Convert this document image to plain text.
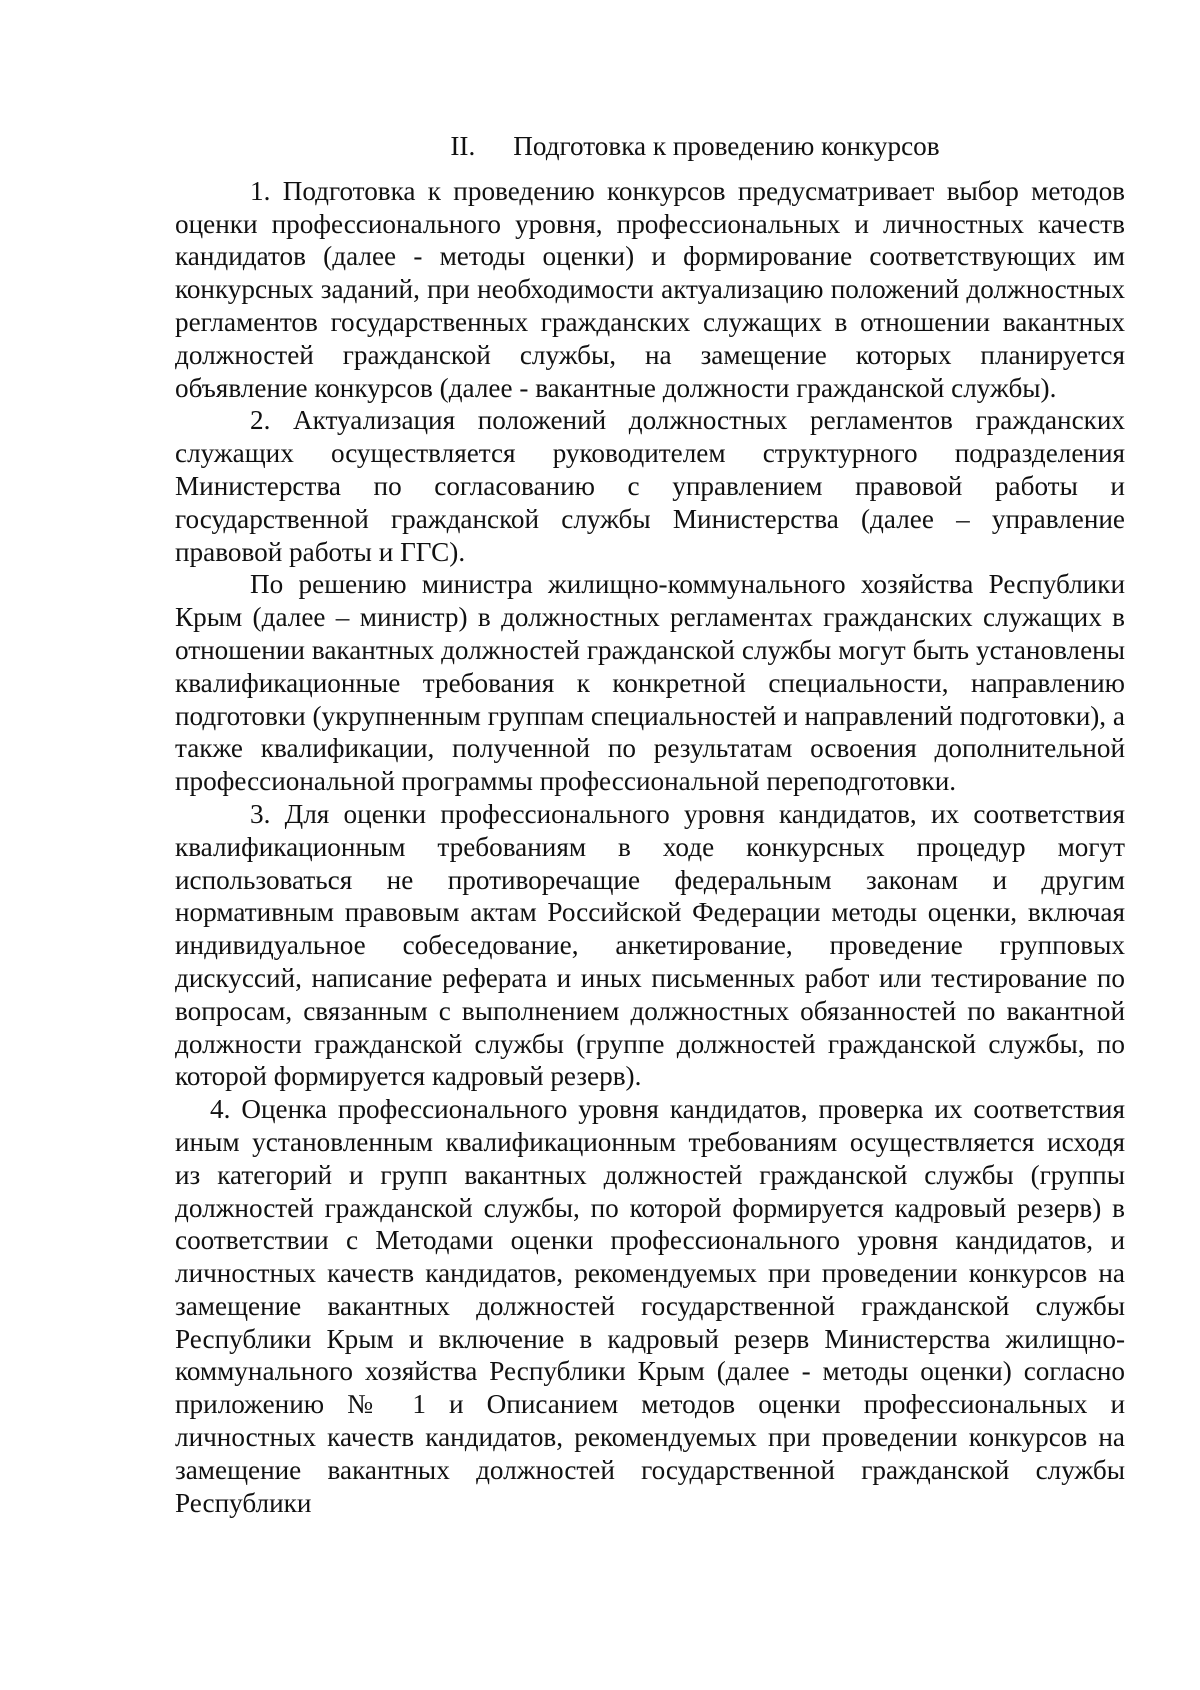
II. Подготовка к проведению конкурсов

1. Подготовка к проведению конкурсов предусматривает выбор методов оценки профессионального уровня, профессиональных и личностных качеств кандидатов (далее - методы оценки) и формирование соответствующих им конкурсных заданий, при необходимости актуализацию положений должностных регламентов государственных гражданских служащих в отношении вакантных должностей гражданской службы, на замещение которых планируется объявление конкурсов (далее - вакантные должности гражданской службы).

2. Актуализация положений должностных регламентов гражданских служащих осуществляется руководителем структурного подразделения Министерства по согласованию с управлением правовой работы и государственной гражданской службы Министерства (далее – управление правовой работы и ГГС).

По решению министра жилищно-коммунального хозяйства Республики Крым (далее – министр) в должностных регламентах гражданских служащих в отношении вакантных должностей гражданской службы могут быть установлены квалификационные требования к конкретной специальности, направлению подготовки (укрупненным группам специальностей и направлений подготовки), а также квалификации, полученной по результатам освоения дополнительной профессиональной программы профессиональной переподготовки.

3. Для оценки профессионального уровня кандидатов, их соответствия квалификационным требованиям в ходе конкурсных процедур могут использоваться не противоречащие федеральным законам и другим нормативным правовым актам Российской Федерации методы оценки, включая индивидуальное собеседование, анкетирование, проведение групповых дискуссий, написание реферата и иных письменных работ или тестирование по вопросам, связанным с выполнением должностных обязанностей по вакантной должности гражданской службы (группе должностей гражданской службы, по которой формируется кадровый резерв).

4. Оценка профессионального уровня кандидатов, проверка их соответствия иным установленным квалификационным требованиям осуществляется исходя из категорий и групп вакантных должностей гражданской службы (группы должностей гражданской службы, по которой формируется кадровый резерв) в соответствии с Методами оценки профессионального уровня кандидатов, и личностных качеств кандидатов, рекомендуемых при проведении конкурсов на замещение вакантных должностей государственной гражданской службы Республики Крым и включение в кадровый резерв Министерства жилищно-коммунального хозяйства Республики Крым (далее - методы оценки) согласно приложению № 1 и Описанием методов оценки профессиональных и личностных качеств кандидатов, рекомендуемых при проведении конкурсов на замещение вакантных должностей государственной гражданской службы Республики
